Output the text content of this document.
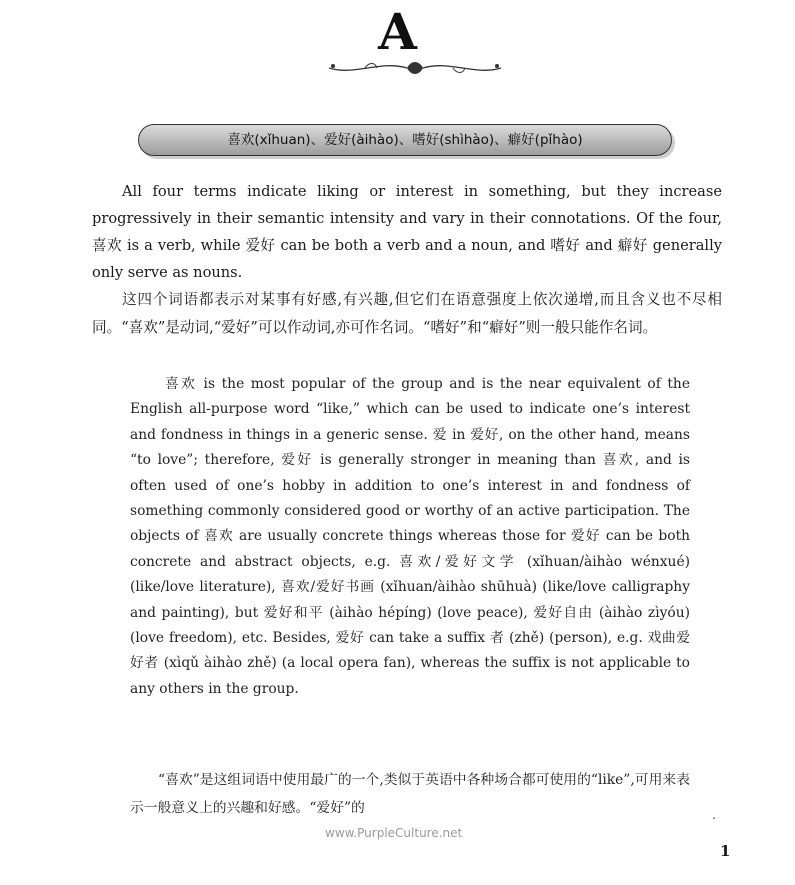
A
喜欢(xǐhuan)、爱好(àihào)、嗜好(shìhào)、癖好(pǐhào)

All four terms indicate liking or interest in something, but they increase progressively in their semantic intensity and vary in their connotations. Of the four, 喜欢 is a verb, while 爱好 can be both a verb and a noun, and 嗜好 and 癖好 generally only serve as nouns.

这四个词语都表示对某事有好感,有兴趣,但它们在语意强度上依次递增,而且含义也不尽相同。“喜欢”是动词,“爱好”可以作动词,亦可作名词。“嗜好”和“癖好”则一般只能作名词。

喜欢 is the most popular of the group and is the near equivalent of the English all-purpose word “like,” which can be used to indicate one’s interest and fondness in things in a generic sense. 爱 in 爱好, on the other hand, means “to love”; therefore, 爱好 is generally stronger in meaning than 喜欢, and is often used of one’s hobby in addition to one’s interest in and fondness of something commonly considered good or worthy of an active participation. The objects of 喜欢 are usually concrete things whereas those for 爱好 can be both concrete and abstract objects, e.g. 喜欢/爱好文学 (xǐhuan/àihào wénxué) (like/love literature), 喜欢/爱好书画 (xǐhuan/àihào shūhuà) (like/love calligraphy and painting), but 爱好和平 (àihào hépíng) (love peace), 爱好自由 (àihào zìyóu) (love freedom), etc. Besides, 爱好 can take a suffix 者 (zhě) (person), e.g. 戏曲爱好者 (xìqǔ àihào zhě) (a local opera fan), whereas the suffix is not applicable to any others in the group.

“喜欢”是这组词语中使用最广的一个,类似于英语中各种场合都可使用的“like”,可用来表示一般意义上的兴趣和好感。“爱好”的

www.PurpleCulture.net
.
1
